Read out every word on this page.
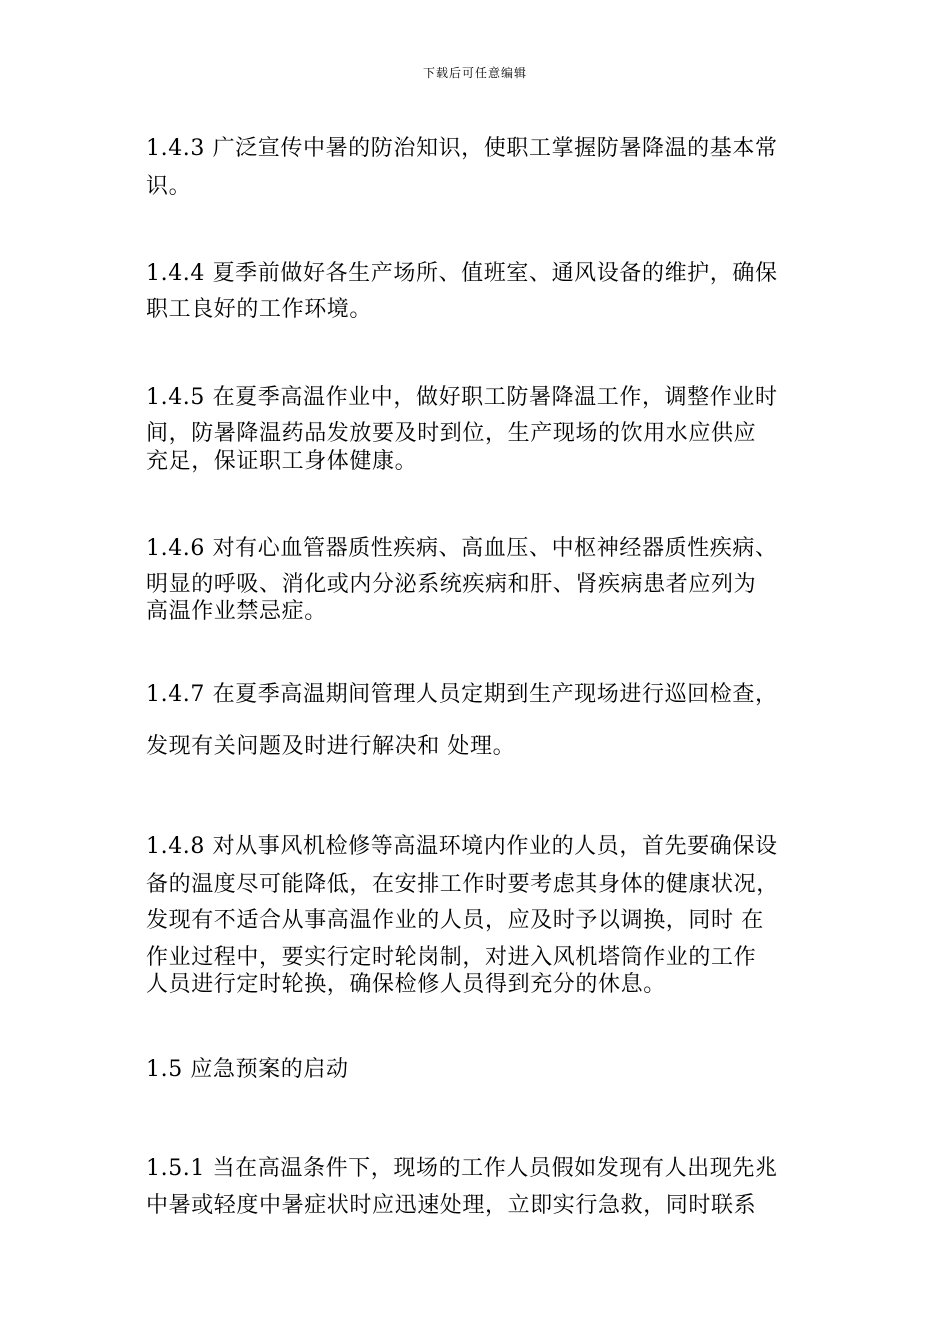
下载后可任意编辑
1.4.3 广泛宣传中暑的防治知识，使职工掌握防暑降温的基本常
识。
1.4.4 夏季前做好各生产场所、值班室、通风设备的维护，确保
职工良好的工作环境。
1.4.5 在夏季高温作业中，做好职工防暑降温工作，调整作业时
间，防暑降温药品发放要及时到位，生产现场的饮用水应供应
充足，保证职工身体健康。
1.4.6 对有心血管器质性疾病、高血压、中枢神经器质性疾病、
明显的呼吸、消化或内分泌系统疾病和肝、肾疾病患者应列为
高温作业禁忌症。
1.4.7 在夏季高温期间管理人员定期到生产现场进行巡回检查，
发现有关问题及时进行解决和 处理。
1.4.8 对从事风机检修等高温环境内作业的人员，首先要确保设
备的温度尽可能降低，在安排工作时要考虑其身体的健康状况，
发现有不适合从事高温作业的人员，应及时予以调换，同时 在
作业过程中，要实行定时轮岗制，对进入风机塔筒作业的工作
人员进行定时轮换，确保检修人员得到充分的休息。
1.5 应急预案的启动
1.5.1 当在高温条件下，现场的工作人员假如发现有人出现先兆
中暑或轻度中暑症状时应迅速处理，立即实行急救，同时联系
